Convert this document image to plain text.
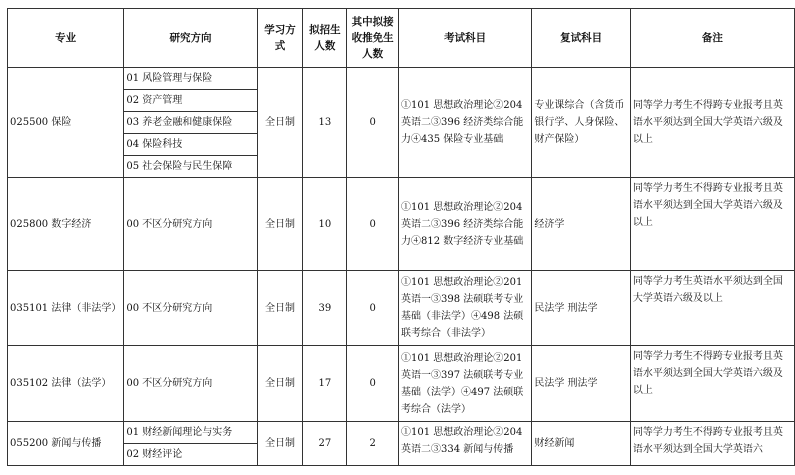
专业	研究方向	学习方式	拟招生人数	其中拟接收推免生人数	考试科目	复试科目	备注
025500 保险	01 风险管理与保险	全日制	13	0	①101 思想政治理论②204 英语二③396 经济类综合能力④435 保险专业基础	专业课综合（含货币银行学、人身保险、财产保险）	同等学力考生不得跨专业报考且英语水平须达到全国大学英语六级及以上
	02 资产管理						
	03 养老金融和健康保险						
	04 保险科技						
	05 社会保险与民生保障						
025800 数字经济	00 不区分研究方向	全日制	10	0	①101 思想政治理论②204 英语二③396 经济类综合能力④812 数字经济专业基础	经济学	同等学力考生不得跨专业报考且英语水平须达到全国大学英语六级及以上
035101 法律（非法学）	00 不区分研究方向	全日制	39	0	①101 思想政治理论②201 英语一③398 法硕联考专业基础（非法学）④498 法硕联考综合（非法学）	民法学 刑法学	同等学力考生英语水平须达到全国大学英语六级及以上
035102 法律（法学）	00 不区分研究方向	全日制	17	0	①101 思想政治理论②201 英语一③397 法硕联考专业基础（法学）④497 法硕联考综合（法学）	民法学 刑法学	同等学力考生不得跨专业报考且英语水平须达到全国大学英语六级及以上
055200 新闻与传播	01 财经新闻理论与实务	全日制	27	2	①101 思想政治理论②204 英语二③334 新闻与传播	财经新闻	同等学力考生不得跨专业报考且英语水平须达到全国大学英语六
	02 财经评论						
